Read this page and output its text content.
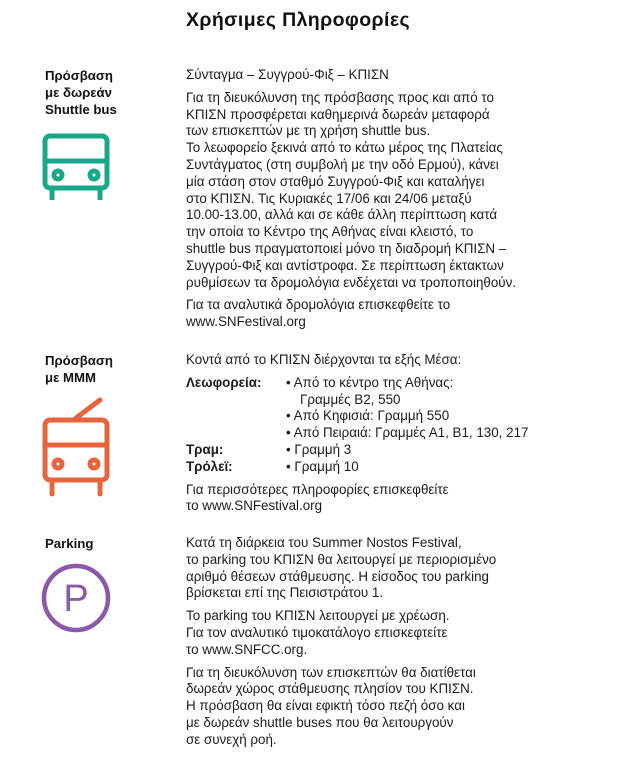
Χρήσιμες Πληροφορίες
Πρόσβαση
με δωρεάν
Shuttle bus

Σύνταγμα – Συγγρού-Φιξ – ΚΠΙΣΝ

Για τη διευκόλυνση της πρόσβασης προς και από το
ΚΠΙΣΝ προσφέρεται καθημερινά δωρεάν μεταφορά
των επισκεπτών με τη χρήση shuttle bus.

Το λεωφορείο ξεκινά από το κάτω μέρος της Πλατείας
Συντάγματος (στη συμβολή με την οδό Ερμού), κάνει
μία στάση στον σταθμό Συγγρού-Φιξ και καταλήγει
στο ΚΠΙΣΝ. Τις Κυριακές 17/06 και 24/06 μεταξύ
10.00-13.00, αλλά και σε κάθε άλλη περίπτωση κατά
την οποία το Κέντρο της Αθήνας είναι κλειστό, το
shuttle bus πραγματοποιεί μόνο τη διαδρομή ΚΠΙΣΝ –
Συγγρού-Φιξ και αντίστροφα. Σε περίπτωση έκτακτων
ρυθμίσεων τα δρομολόγια ενδέχεται να τροποποιηθούν.

Για τα αναλυτικά δρομολόγια επισκεφθείτε το
www.SNFestival.org

Πρόσβαση
με ΜΜΜ

Κοντά από το ΚΠΙΣΝ διέρχονται τα εξής Μέσα:

Λεωφορεία:	• Από το κέντρο της Αθήνας:
Γραμμές Β2, 550
• Από Κηφισιά: Γραμμή 550
• Από Πειραιά: Γραμμές Α1, Β1, 130, 217
Τραμ:	• Γραμμή 3
Τρόλεϊ:	• Γραμμή 10

Για περισσότερες πληροφορίες επισκεφθείτε
το www.SNFestival.org

Parking
P

Κατά τη διάρκεια του Summer Nostos Festival,
το parking του ΚΠΙΣΝ θα λειτουργεί με περιορισμένο
αριθμό θέσεων στάθμευσης. Η είσοδος του parking
βρίσκεται επί της Πεισιστράτου 1.

Το parking του ΚΠΙΣΝ λειτουργεί με χρέωση.
Για τον αναλυτικό τιμοκατάλογο επισκεφτείτε
το www.SNFCC.org.

Για τη διευκόλυνση των επισκεπτών θα διατίθεται
δωρεάν χώρος στάθμευσης πλησίον του ΚΠΙΣΝ.
Η πρόσβαση θα είναι εφικτή τόσο πεζή όσο και
με δωρεάν shuttle buses που θα λειτουργούν
σε συνεχή ροή.
